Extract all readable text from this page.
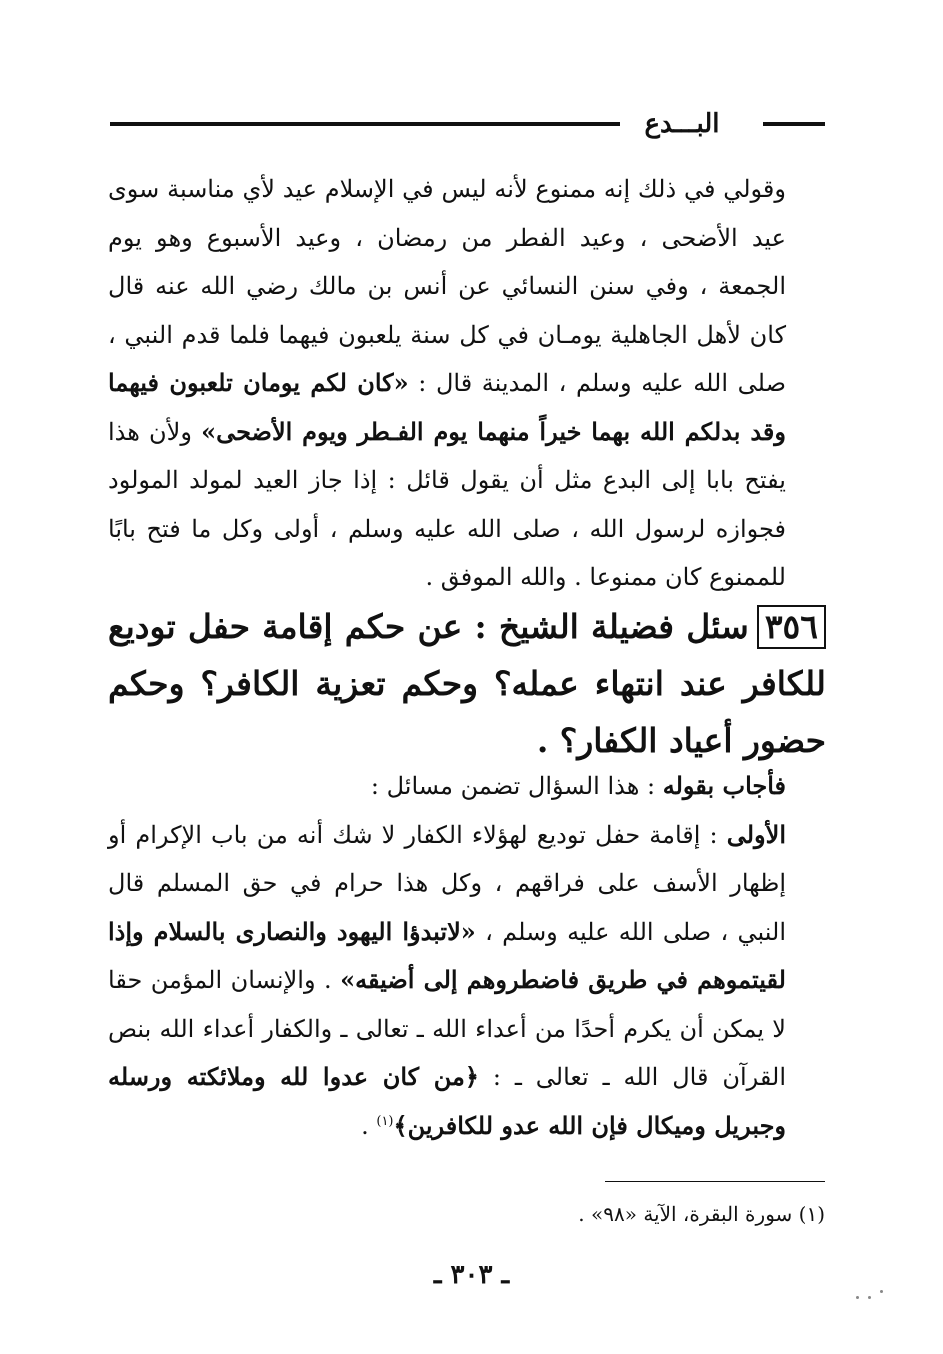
البـــدع

وقولي في ذلك إنه ممنوع لأنه ليس في الإسلام عيد لأي مناسبة سوى عيد الأضحى ، وعيد الفطر من رمضان ، وعيد الأسبوع وهو يوم الجمعة ، وفي سنن النسائي عن أنس بن مالك رضي الله عنه قال كان لأهل الجاهلية يومـان في كل سنة يلعبون فيهما فلما قدم النبي ، صلى الله عليه وسلم ، المدينة قال : «كان لكم يومان تلعبون فيهما وقد بدلكم الله بهما خيراً منهما يوم الفـطر ويوم الأضحى» ولأن هذا يفتح بابا إلى البدع مثل أن يقول قائل : إذا جاز العيد لمولد المولود فجوازه لرسول الله ، صلى الله عليه وسلم ، أولى وكل ما فتح بابًا للممنوع كان ممنوعا . والله الموفق .

٣٥٦سئل فضيلة الشيخ : عن حكم إقامة حفل توديع للكافر عند انتهاء عمله؟ وحكم تعزية الكافر؟ وحكم حضور أعياد الكفار؟ .

فأجاب بقوله : هذا السؤال تضمن مسائل :

الأولى : إقامة حفل توديع لهؤلاء الكفار لا شك أنه من باب الإكرام أو إظهار الأسف على فراقهم ، وكل هذا حرام في حق المسلم قال النبي ، صلى الله عليه وسلم ، «لاتبدؤا اليهود والنصارى بالسلام وإذا لقيتموهم في طريق فاضطروهم إلى أضيقه» . والإنسان المؤمن حقا لا يمكن أن يكرم أحدًا من أعداء الله ـ تعالى ـ والكفار أعداء الله بنص القرآن قال الله ـ تعالى ـ : ﴿من كان عدوا لله وملائكته ورسله وجبريل وميكال فإن الله عدو للكافرين﴾$^{(١)}$ .

(١) سورة البقرة، الآية «٩٨» .
ـ ٣٠٣ ـ
